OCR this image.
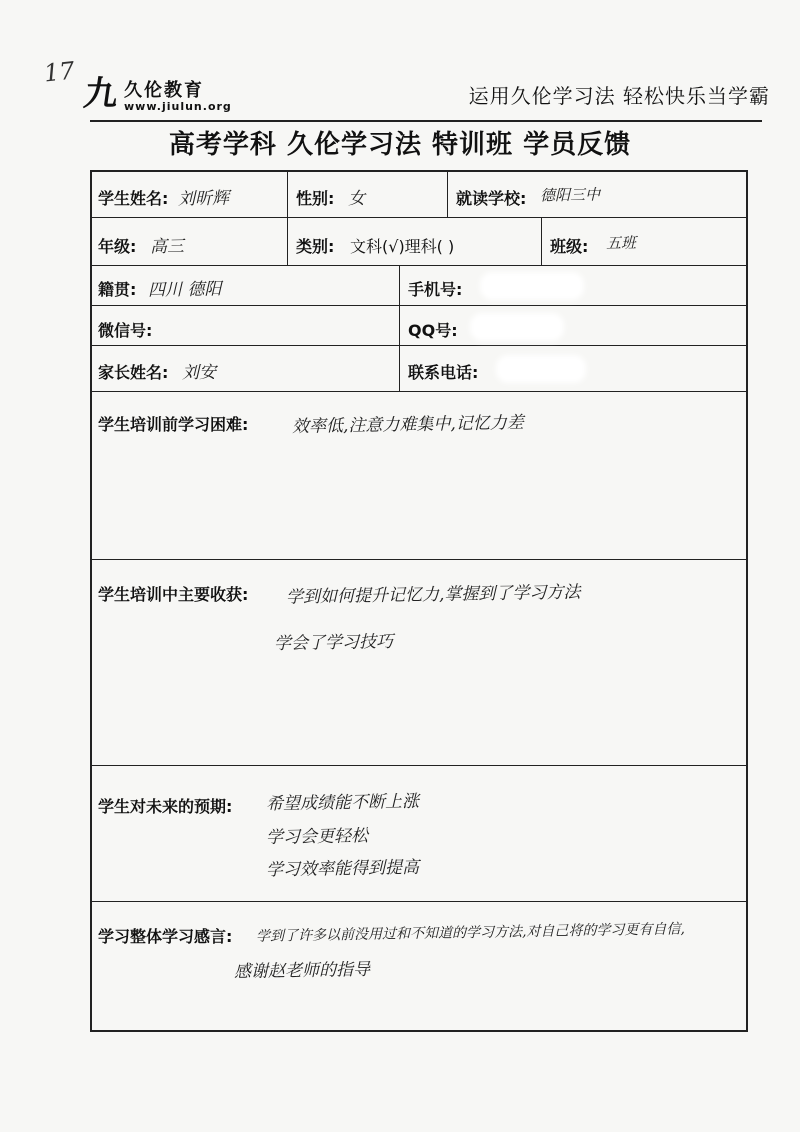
17
九 久伦教育
www.jiulun.org	运用久伦学习法 轻松快乐当学霸
高考学科 久伦学习法 特训班 学员反馈
学生姓名: 刘昕辉	性别: 女	就读学校: 德阳三中
年级: 高三	类别: 文科(√)理科( )	班级: 五班
籍贯: 四川 德阳	手机号:
微信号:	QQ号:
家长姓名: 刘安	联系电话:
学生培训前学习困难:	效率低,注意力难集中,记忆力差
学生培训中主要收获: 学到如何提升记忆力,掌握到了学习方法
学会了学习技巧
学生对未来的预期: 希望成绩能不断上涨
学习会更轻松
学习效率能得到提高
学习整体学习感言: 学到了许多以前没用过和不知道的学习方法,对自己将的学习更有自信,
感谢赵老师的指导
